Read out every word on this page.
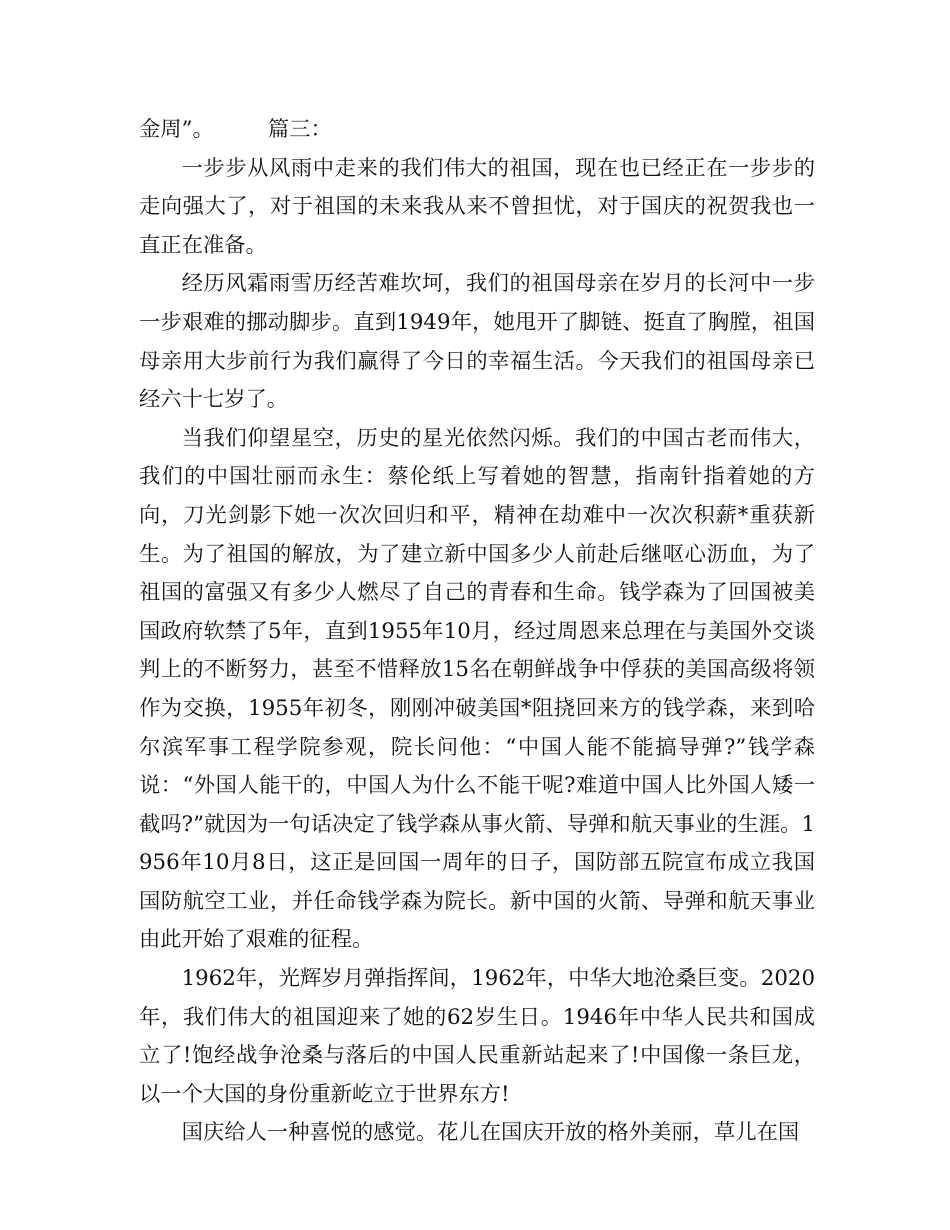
金周”。        篇三：

一步步从风雨中走来的我们伟大的祖国，现在也已经正在一步步的走向强大了，对于祖国的未来我从来不曾担忧，对于国庆的祝贺我也一直正在准备。

经历风霜雨雪历经苦难坎坷，我们的祖国母亲在岁月的长河中一步一步艰难的挪动脚步。直到1949年，她甩开了脚链、挺直了胸膛，祖国母亲用大步前行为我们赢得了今日的幸福生活。今天我们的祖国母亲已经六十七岁了。

当我们仰望星空，历史的星光依然闪烁。我们的中国古老而伟大，我们的中国壮丽而永生：蔡伦纸上写着她的智慧，指南针指着她的方向，刀光剑影下她一次次回归和平，精神在劫难中一次次积薪*重获新生。为了祖国的解放，为了建立新中国多少人前赴后继呕心沥血，为了祖国的富强又有多少人燃尽了自己的青春和生命。钱学森为了回国被美国政府软禁了5年，直到1955年10月，经过周恩来总理在与美国外交谈判上的不断努力，甚至不惜释放15名在朝鲜战争中俘获的美国高级将领作为交换，1955年初冬，刚刚冲破美国*阻挠回来方的钱学森，来到哈尔滨军事工程学院参观，院长问他：“中国人能不能搞导弹?”钱学森说：“外国人能干的，中国人为什么不能干呢?难道中国人比外国人矮一截吗?”就因为一句话决定了钱学森从事火箭、导弹和航天事业的生涯。1956年10月8日，这正是回国一周年的日子，国防部五院宣布成立我国国防航空工业，并任命钱学森为院长。新中国的火箭、导弹和航天事业由此开始了艰难的征程。

1962年，光辉岁月弹指挥间，1962年，中华大地沧桑巨变。2020年，我们伟大的祖国迎来了她的62岁生日。1946年中华人民共和国成立了!饱经战争沧桑与落后的中国人民重新站起来了!中国像一条巨龙，以一个大国的身份重新屹立于世界东方!

国庆给人一种喜悦的感觉。花儿在国庆开放的格外美丽，草儿在国
